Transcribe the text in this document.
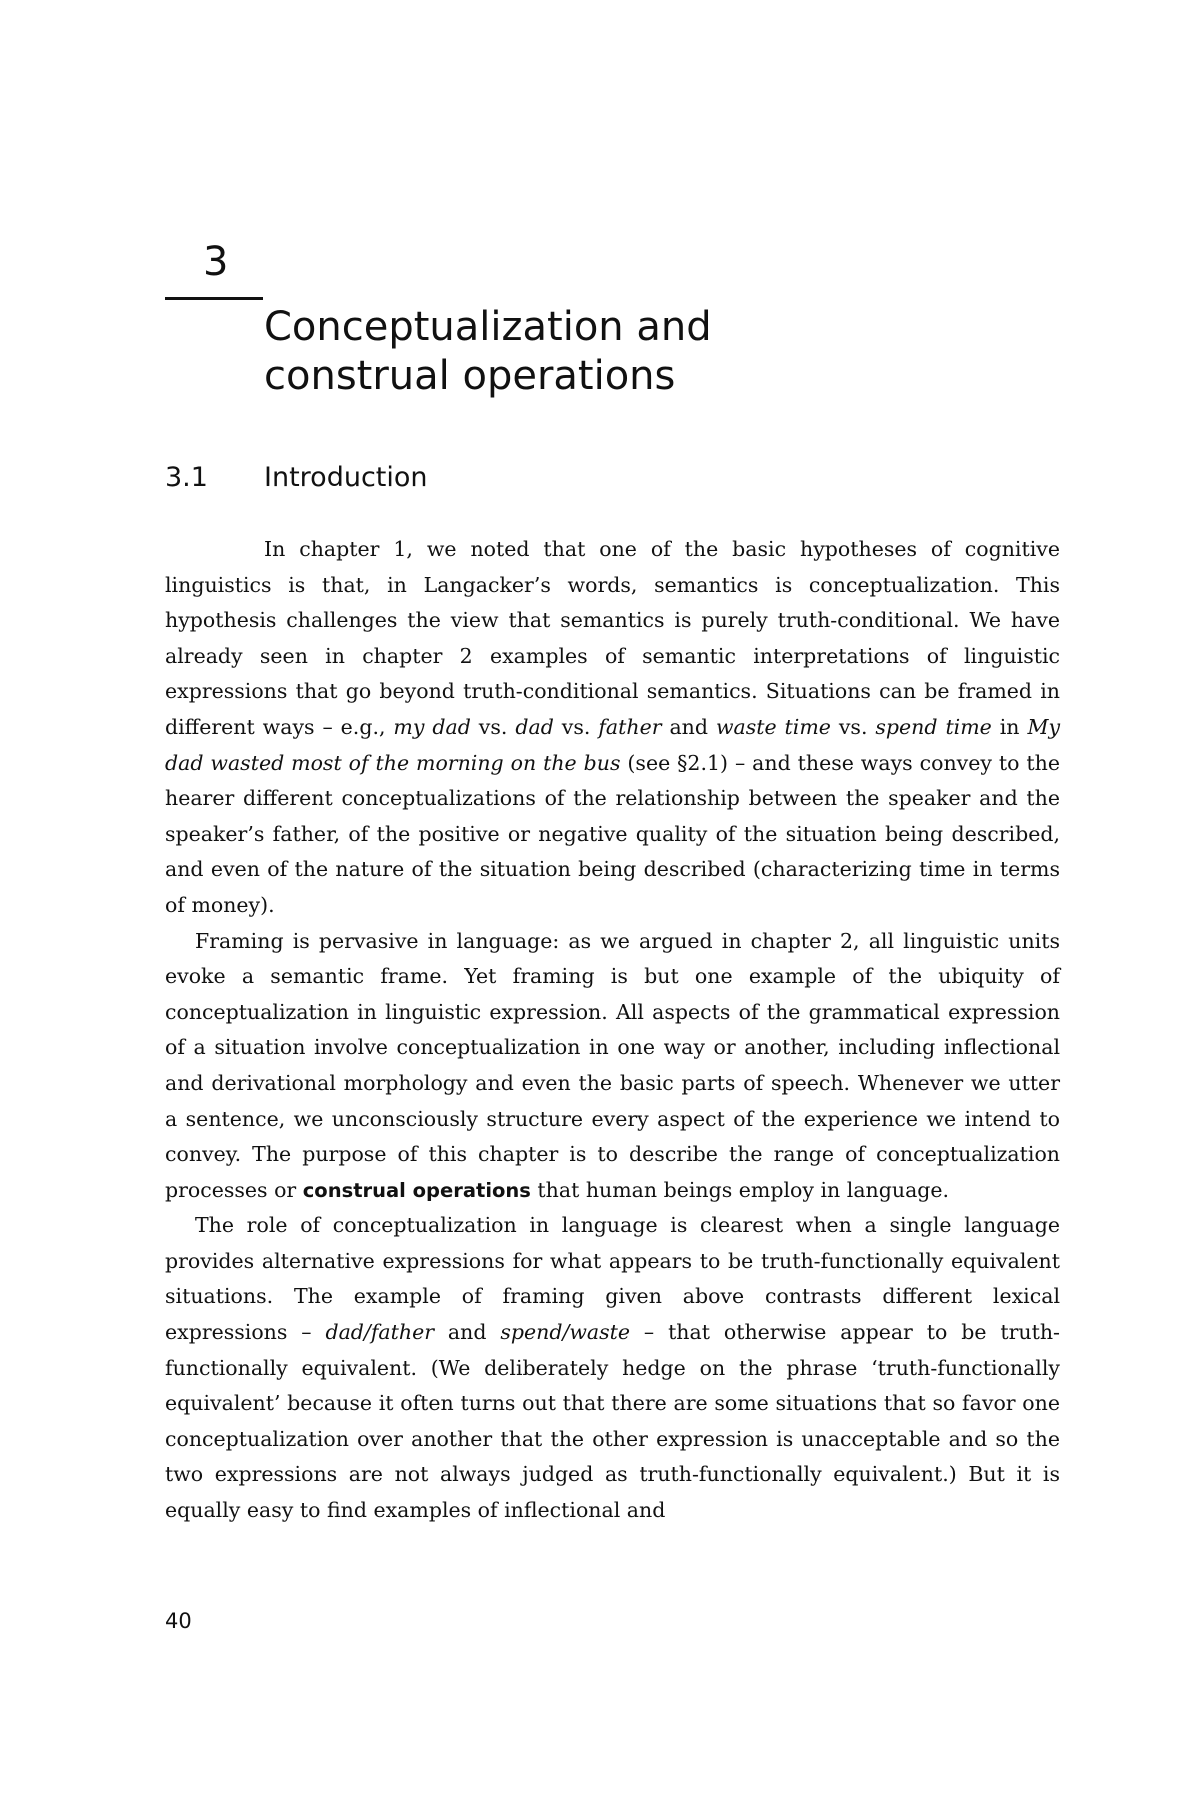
3
Conceptualization and
construal operations
3.1 Introduction

In chapter 1, we noted that one of the basic hypotheses of cognitive linguistics is that, in Langacker’s words, semantics is conceptualization. This hypothesis challenges the view that semantics is purely truth-conditional. We have already seen in chapter 2 examples of semantic interpretations of linguistic expressions that go beyond truth-conditional semantics. Situations can be framed in different ways – e.g., my dad vs. dad vs. father and waste time vs. spend time in My dad wasted most of the morning on the bus (see §2.1) – and these ways convey to the hearer different conceptualizations of the relationship between the speaker and the speaker’s father, of the positive or negative quality of the situation being described, and even of the nature of the situation being described (characterizing time in terms of money).

Framing is pervasive in language: as we argued in chapter 2, all linguistic units evoke a semantic frame. Yet framing is but one example of the ubiquity of conceptualization in linguistic expression. All aspects of the grammatical expression of a situation involve conceptualization in one way or another, including inflectional and derivational morphology and even the basic parts of speech. Whenever we utter a sentence, we unconsciously structure every aspect of the experience we intend to convey. The purpose of this chapter is to describe the range of conceptualization processes or construal operations that human beings employ in language.

The role of conceptualization in language is clearest when a single language provides alternative expressions for what appears to be truth-functionally equivalent situations. The example of framing given above contrasts different lexical expressions – dad/father and spend/waste – that otherwise appear to be truth-functionally equivalent. (We deliberately hedge on the phrase ‘truth-functionally equivalent’ because it often turns out that there are some situations that so favor one conceptualization over another that the other expression is unacceptable and so the two expressions are not always judged as truth-functionally equivalent.) But it is equally easy to find examples of inflectional and

40
